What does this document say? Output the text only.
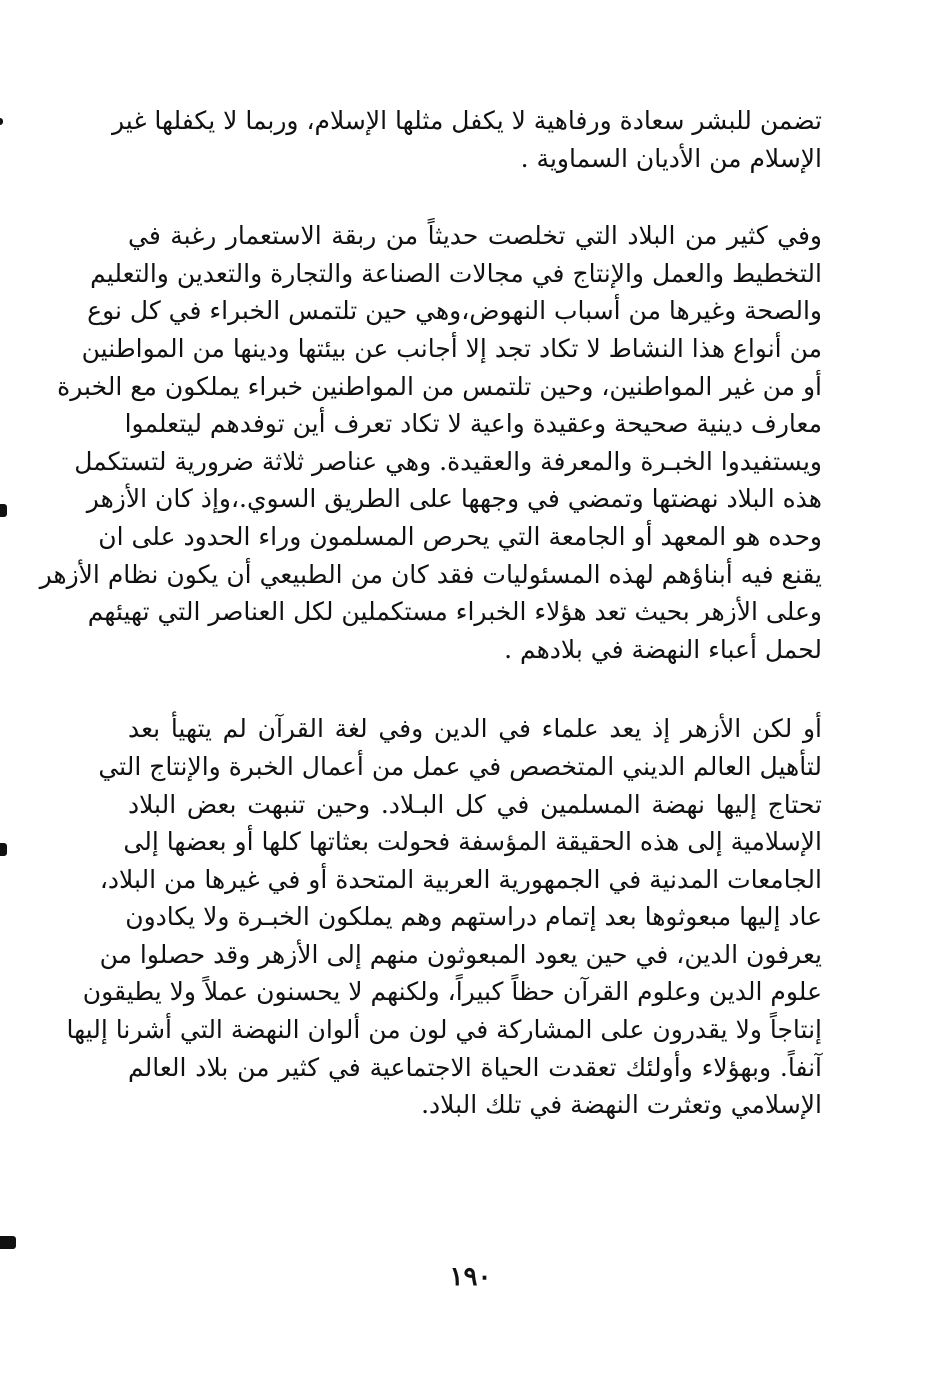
تضمن للبشر سعادة ورفاهية لا يكفل مثلها الإسلام، وربما لا يكفلها غير
الإسلام من الأديان السماوية .
وفي كثير من البلاد التي تخلصت حديثاً من ربقة الاستعمار رغبة في
التخطيط والعمل والإنتاج في مجالات الصناعة والتجارة والتعدين والتعليم
والصحة وغيرها من أسباب النهوض،وهي حين تلتمس الخبراء في كل نوع
من أنواع هذا النشاط لا تكاد تجد إلا أجانب عن بيئتها ودينها من المواطنين
أو من غير المواطنين، وحين تلتمس من المواطنين خبراء يملكون مع الخبرة
معارف دينية صحيحة وعقيدة واعية لا تكاد تعرف أين توفدهم ليتعلموا
ويستفيدوا الخبـرة والمعرفة والعقيدة. وهي عناصر ثلاثة ضرورية لتستكمل
هذه البلاد نهضتها وتمضي في وجهها على الطريق السوي.،وإذ كان الأزهر
وحده هو المعهد أو الجامعة التي يحرص المسلمون وراء الحدود على ان
يقنع فيه أبناؤهم لهذه المسئوليات فقد كان من الطبيعي أن يكون نظام الأزهر
وعلى الأزهر بحيث تعد هؤلاء الخبراء مستكملين لكل العناصر التي تهيئهم
لحمل أعباء النهضة في بلادهم .
أو لكن الأزهر إذ يعد علماء في الدين وفي لغة القرآن لم يتهيأ بعد
لتأهيل العالم الديني المتخصص في عمل من أعمال الخبرة والإنتاج التي
تحتاج إليها نهضة المسلمين في كل البـلاد. وحين تنبهت بعض البلاد
الإسلامية إلى هذه الحقيقة المؤسفة فحولت بعثاتها كلها أو بعضها إلى
الجامعات المدنية في الجمهورية العربية المتحدة أو في غيرها من البلاد،
عاد إليها مبعوثوها بعد إتمام دراستهم وهم يملكون الخبـرة ولا يكادون
يعرفون الدين، في حين يعود المبعوثون منهم إلى الأزهر وقد حصلوا من
علوم الدين وعلوم القرآن حظاً كبيراً، ولكنهم لا يحسنون عملاً ولا يطيقون
إنتاجاً ولا يقدرون على المشاركة في لون من ألوان النهضة التي أشرنا إليها
آنفاً. وبهؤلاء وأولئك تعقدت الحياة الاجتماعية في كثير من بلاد العالم
الإسلامي وتعثرت النهضة في تلك البلاد.
١٩٠
